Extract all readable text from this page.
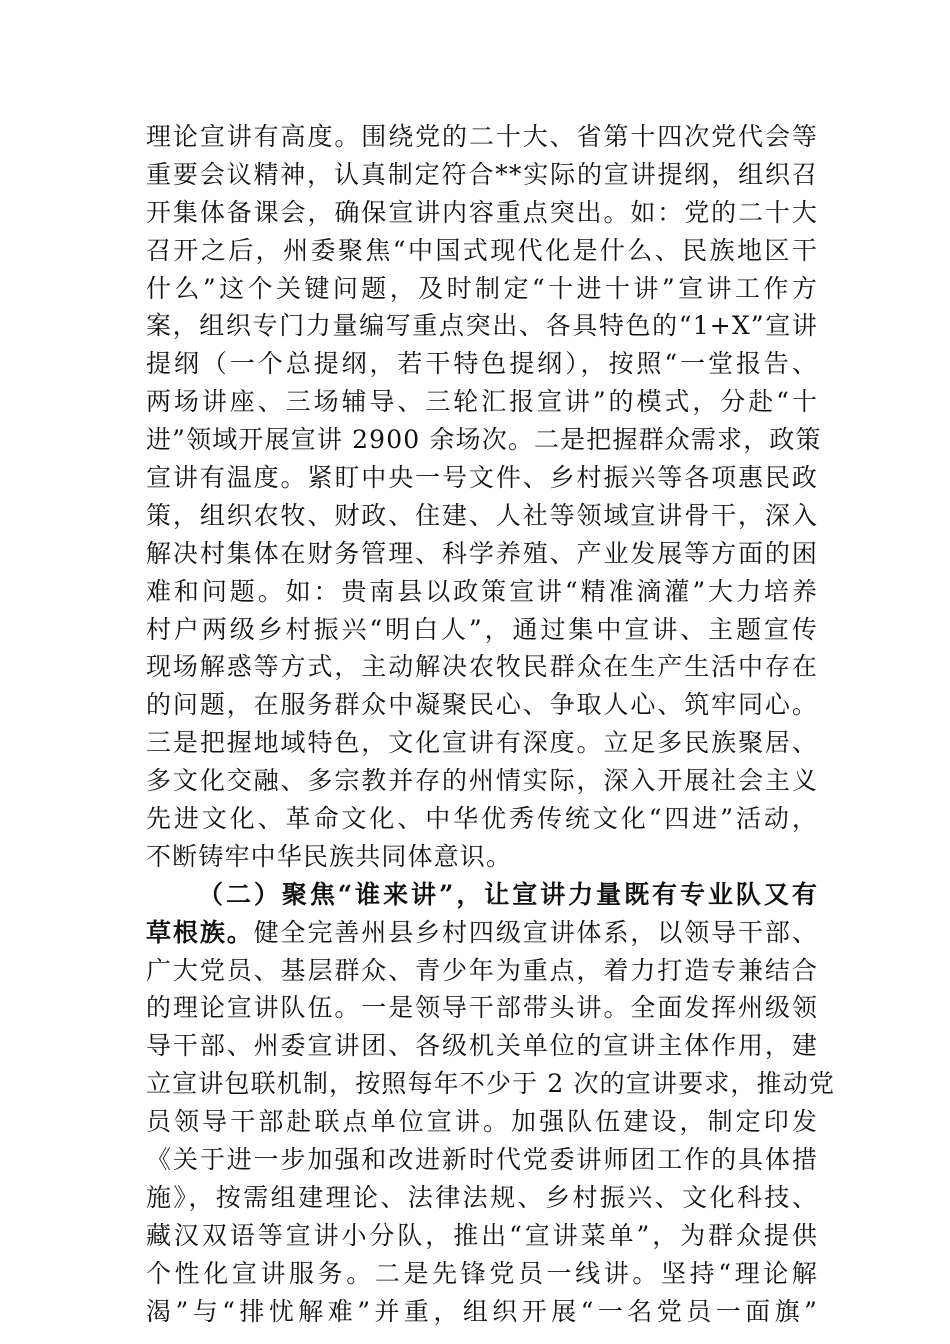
理论宣讲有高度。围绕党的二十大、省第十四次党代会等
重要会议精神，认真制定符合**实际的宣讲提纲，组织召
开集体备课会，确保宣讲内容重点突出。如：党的二十大
召开之后，州委聚焦“中国式现代化是什么、民族地区干
什么”这个关键问题，及时制定“十进十讲”宣讲工作方
案，组织专门力量编写重点突出、各具特色的“1+X”宣讲
提纲（一个总提纲，若干特色提纲），按照“一堂报告、
两场讲座、三场辅导、三轮汇报宣讲”的模式，分赴“十
进”领域开展宣讲 2900 余场次。二是把握群众需求，政策
宣讲有温度。紧盯中央一号文件、乡村振兴等各项惠民政
策，组织农牧、财政、住建、人社等领域宣讲骨干，深入
解决村集体在财务管理、科学养殖、产业发展等方面的困
难和问题。如：贵南县以政策宣讲“精准滴灌”大力培养
村户两级乡村振兴“明白人”，通过集中宣讲、主题宣传
现场解惑等方式，主动解决农牧民群众在生产生活中存在
的问题，在服务群众中凝聚民心、争取人心、筑牢同心。
三是把握地域特色，文化宣讲有深度。立足多民族聚居、
多文化交融、多宗教并存的州情实际，深入开展社会主义
先进文化、革命文化、中华优秀传统文化“四进”活动，
不断铸牢中华民族共同体意识。
（二）聚焦“谁来讲”，让宣讲力量既有专业队又有
草根族。健全完善州县乡村四级宣讲体系，以领导干部、
广大党员、基层群众、青少年为重点，着力打造专兼结合
的理论宣讲队伍。一是领导干部带头讲。全面发挥州级领
导干部、州委宣讲团、各级机关单位的宣讲主体作用，建
立宣讲包联机制，按照每年不少于 2 次的宣讲要求，推动党
员领导干部赴联点单位宣讲。加强队伍建设，制定印发
《关于进一步加强和改进新时代党委讲师团工作的具体措
施》，按需组建理论、法律法规、乡村振兴、文化科技、
藏汉双语等宣讲小分队，推出“宣讲菜单”，为群众提供
个性化宣讲服务。二是先锋党员一线讲。坚持“理论解
渴”与“排忧解难”并重，组织开展“一名党员一面旗”
